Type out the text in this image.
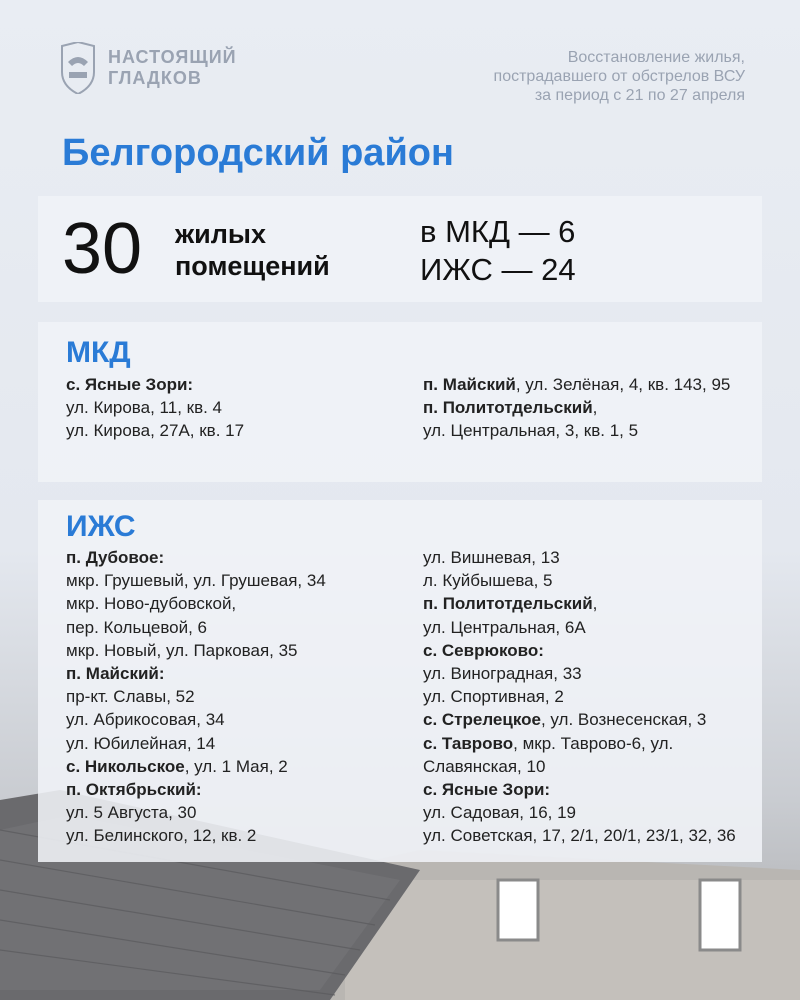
НАСТОЯЩИЙ
ГЛАДКОВ
Восстановление жилья,
пострадавшего от обстрелов ВСУ
за период с 21 по 27 апреля
Белгородский район
30 жилых
помещений
в МКД — 6
ИЖС — 24
МКД
с. Ясные Зори:
ул. Кирова, 11, кв. 4
ул. Кирова, 27А, кв. 17
п. Майский, ул. Зелёная, 4, кв. 143, 95
п. Политотдельский,
ул. Центральная, 3, кв. 1, 5
ИЖС
п. Дубовое:
мкр. Грушевый, ул. Грушевая, 34
мкр. Ново-дубовской,
пер. Кольцевой, 6
мкр. Новый, ул. Парковая, 35
п. Майский:
пр-кт. Славы, 52
ул. Абрикосовая, 34
ул. Юбилейная, 14
с. Никольское, ул. 1 Мая, 2
п. Октябрьский:
ул. 5 Августа, 30
ул. Белинского, 12, кв. 2
ул. Вишневая, 13
л. Куйбышева, 5
п. Политотдельский,
ул. Центральная, 6А
с. Севрюково:
ул. Виноградная, 33
ул. Спортивная, 2
с. Стрелецкое, ул. Вознесенская, 3
с. Таврово, мкр. Таврово-6, ул.
Славянская, 10
с. Ясные Зори:
ул. Садовая, 16, 19
ул. Советская, 17, 2/1, 20/1, 23/1, 32, 36
